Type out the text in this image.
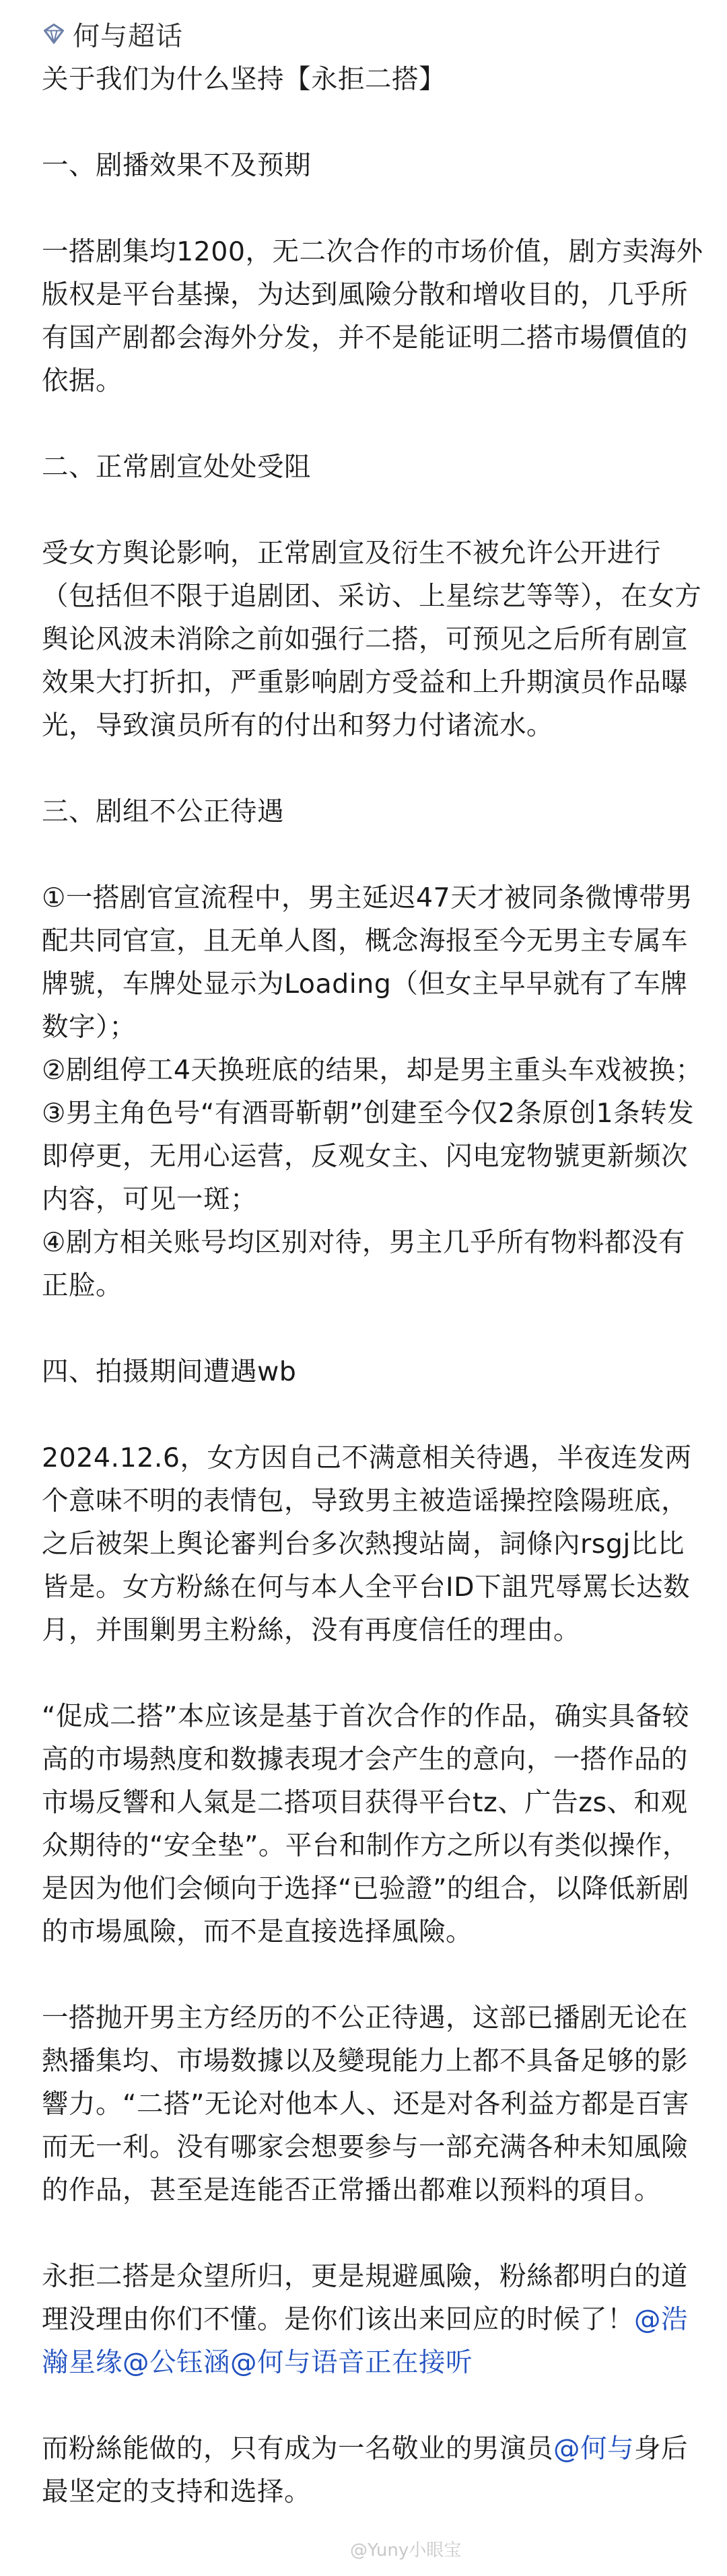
何与超话

关于我们为什么坚持【永拒二搭】

一、剧播效果不及预期

一搭剧集均1200，无二次合作的市场价值，剧方卖海外版权是平台基操，为达到風險分散和增收目的，几乎所有国产剧都会海外分发，并不是能证明二搭市場價值的依据。

二、正常剧宣处处受阻

受女方舆论影响，正常剧宣及衍生不被允许公开进行（包括但不限于追剧团、采访、上星综艺等等），在女方舆论风波未消除之前如强行二搭，可预见之后所有剧宣效果大打折扣，严重影响剧方受益和上升期演员作品曝光，导致演员所有的付出和努力付诸流水。

三、剧组不公正待遇

①一搭剧官宣流程中，男主延迟47天才被同条微博带男配共同官宣，且无单人图，概念海报至今无男主专属车牌號，车牌处显示为Loading（但女主早早就有了车牌数字）；
②剧组停工4天换班底的结果，却是男主重头车戏被换；
③男主角色号“有酒哥靳朝”创建至今仅2条原创1条转发即停更，无用心运营，反观女主、闪电宠物號更新频次内容，可见一斑；
④剧方相关账号均区别对待，男主几乎所有物料都没有正脸。

四、拍摄期间遭遇wb

2024.12.6，女方因自己不满意相关待遇，半夜连发两个意味不明的表情包，导致男主被造谣操控陰陽班底，之后被架上舆论審判台多次熱搜站崗，詞條內rsgj比比皆是。女方粉絲在何与本人全平台ID下詛咒辱罵长达数月，并围剿男主粉絲，没有再度信任的理由。

“促成二搭”本应该是基于首次合作的作品，确实具备较高的市場熱度和数據表現才会产生的意向，一搭作品的市場反響和人氣是二搭项目获得平台tz、广告zs、和观众期待的“安全垫”。平台和制作方之所以有类似操作，是因为他们会倾向于选择“已验證”的组合，以降低新剧的市場風險，而不是直接选择風險。

一搭抛开男主方经历的不公正待遇，这部已播剧无论在熱播集均、市場数據以及變現能力上都不具备足够的影響力。“二搭”无论对他本人、还是对各利益方都是百害而无一利。没有哪家会想要参与一部充满各种未知風險的作品，甚至是连能否正常播出都难以预料的項目。

永拒二搭是众望所归，更是規避風險，粉絲都明白的道理没理由你们不懂。是你们该出来回应的时候了！@浩瀚星缘@公钰涵@何与语音正在接听

而粉絲能做的，只有成为一名敬业的男演员@何与身后最坚定的支持和选择。

@Yuny小眼宝
